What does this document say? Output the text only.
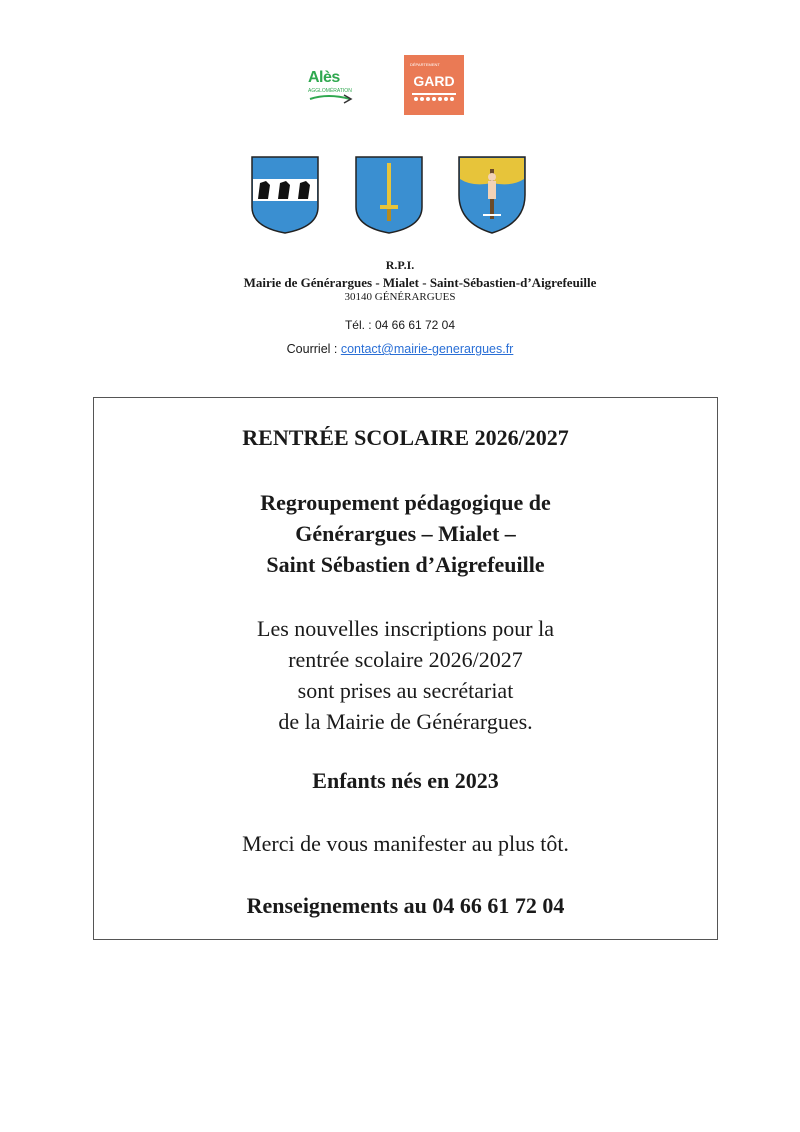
Alès
AGGLOMÉRATION
DÉPARTEMENT
GARD
R.P.I.
Mairie de Générargues - Mialet - Saint-Sébastien-d’Aigrefeuille
30140 GÉNÉRARGUES
Tél. : 04 66 61 72 04
Courriel : contact@mairie-generargues.fr
RENTRÉE SCOLAIRE 2026/2027
Regroupement pédagogique de
Générargues – Mialet –
Saint Sébastien d’Aigrefeuille
Les nouvelles inscriptions pour la
rentrée scolaire 2026/2027
sont prises au secrétariat
de la Mairie de Générargues.
Enfants nés en 2023
Merci de vous manifester au plus tôt.
Renseignements au 04 66 61 72 04
